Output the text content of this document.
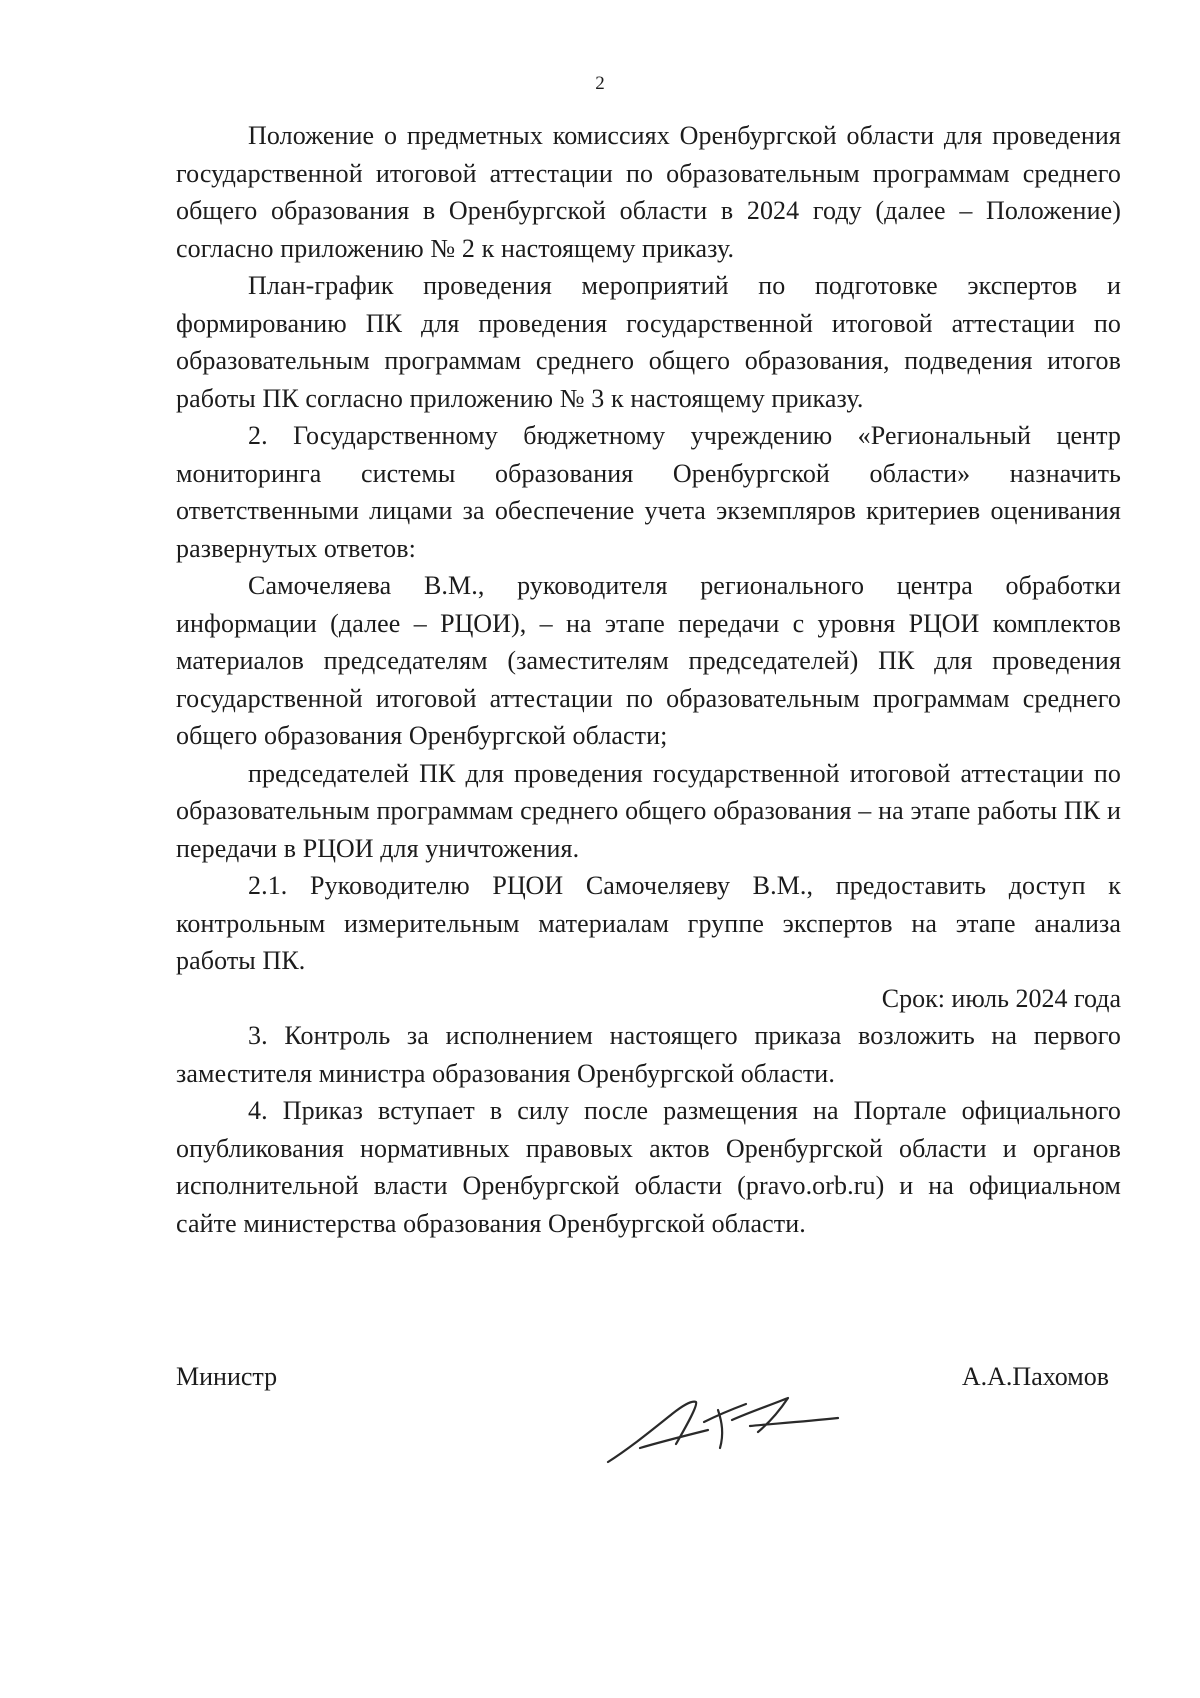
2

Положение о предметных комиссиях Оренбургской области для проведения государственной итоговой аттестации по образовательным программам среднего общего образования в Оренбургской области в 2024 году (далее – Положение) согласно приложению № 2 к настоящему приказу.

План-график проведения мероприятий по подготовке экспертов и формированию ПК для проведения государственной итоговой аттестации по образовательным программам среднего общего образования, подведения итогов работы ПК согласно приложению № 3 к настоящему приказу.

2. Государственному бюджетному учреждению «Региональный центр мониторинга системы образования Оренбургской области» назначить ответственными лицами за обеспечение учета экземпляров критериев оценивания развернутых ответов:

Самочеляева В.М., руководителя регионального центра обработки информации (далее – РЦОИ), – на этапе передачи с уровня РЦОИ комплектов материалов председателям (заместителям председателей) ПК для проведения государственной итоговой аттестации по образовательным программам среднего общего образования Оренбургской области;

председателей ПК для проведения государственной итоговой аттестации по образовательным программам среднего общего образования – на этапе работы ПК и передачи в РЦОИ для уничтожения.

2.1. Руководителю РЦОИ Самочеляеву В.М., предоставить доступ к контрольным измерительным материалам группе экспертов на этапе анализа работы ПК.

Срок: июль 2024 года

3. Контроль за исполнением настоящего приказа возложить на первого заместителя министра образования Оренбургской области.

4. Приказ вступает в силу после размещения на Портале официального опубликования нормативных правовых актов Оренбургской области и органов исполнительной власти Оренбургской области (pravo.orb.ru) и на официальном сайте министерства образования Оренбургской области.

Министр	А.А.Пахомов
